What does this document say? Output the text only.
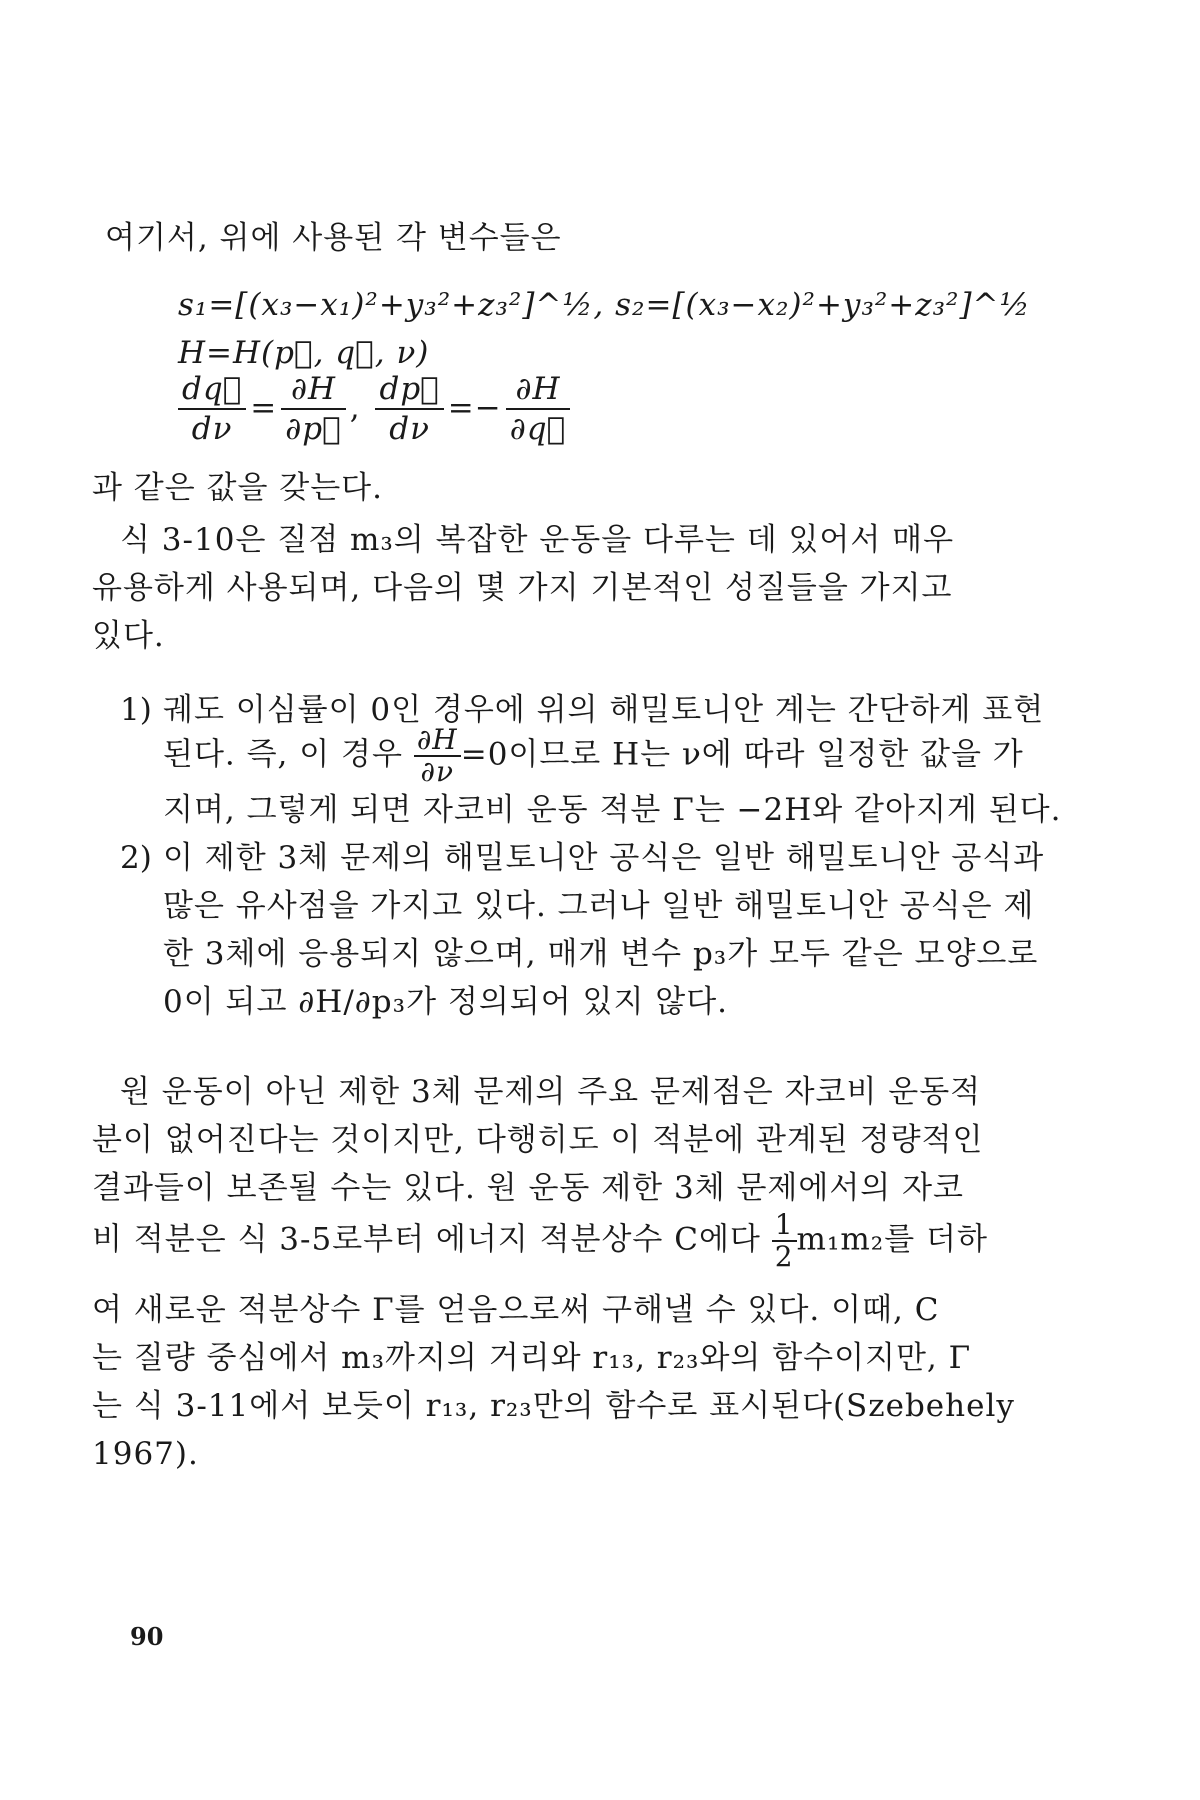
여기서, 위에 사용된 각 변수들은
s₁=[(x₃−x₁)²+y₃²+z₃²]^½, s₂=[(x₃−x₂)²+y₃²+z₃²]^½
H=H(p⃗, q⃗, ν)
$\frac{dq⃗}{d\nu} = \frac{\partial H}{\partial p⃗}$ , $\frac{dp⃗}{d\nu} =- \frac{\partial H}{\partial q⃗}$
과 같은 값을 갖는다.
식 3-10은 질점 m₃의 복잡한 운동을 다루는 데 있어서 매우
유용하게 사용되며, 다음의 몇 가지 기본적인 성질들을 가지고
있다.
1) 궤도 이심률이 0인 경우에 위의 해밀토니안 계는 간단하게 표현
된다. 즉, 이 경우 $\frac{\partial H}{\partial\nu} =0$이므로 H는 ν에 따라 일정한 값을 가
지며, 그렇게 되면 자코비 운동 적분 Γ는 −2H와 같아지게 된다.
2) 이 제한 3체 문제의 해밀토니안 공식은 일반 해밀토니안 공식과
많은 유사점을 가지고 있다. 그러나 일반 해밀토니안 공식은 제
한 3체에 응용되지 않으며, 매개 변수 p₃가 모두 같은 모양으로
0이 되고 ∂H/∂p₃가 정의되어 있지 않다.
원 운동이 아닌 제한 3체 문제의 주요 문제점은 자코비 운동적
분이 없어진다는 것이지만, 다행히도 이 적분에 관계된 정량적인
결과들이 보존될 수는 있다. 원 운동 제한 3체 문제에서의 자코
비 적분은 식 3-5로부터 에너지 적분상수 C에다 $\frac{1}{2} m_1m_2$를 더하
여 새로운 적분상수 Γ를 얻음으로써 구해낼 수 있다. 이때, C
는 질량 중심에서 m₃까지의 거리와 r₁₃, r₂₃와의 함수이지만, Γ
는 식 3-11에서 보듯이 r₁₃, r₂₃만의 함수로 표시된다(Szebehely
1967).
90
